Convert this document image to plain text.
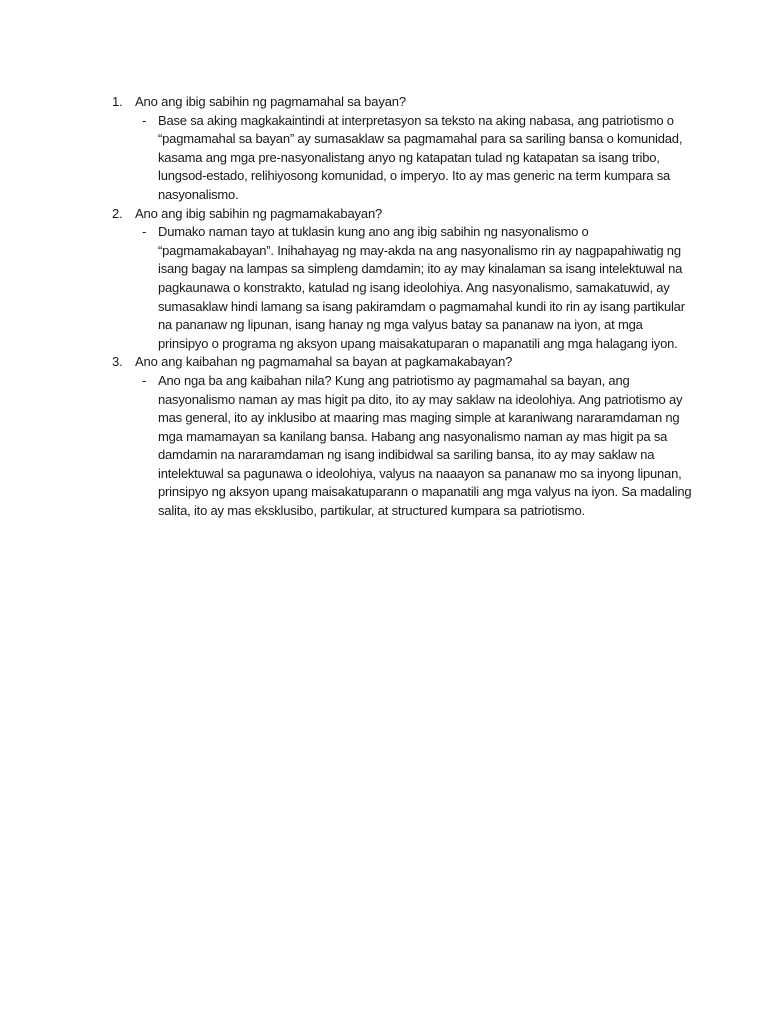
1. Ano ang ibig sabihin ng pagmamahal sa bayan?
- Base sa aking magkakaintindi at interpretasyon sa teksto na aking nabasa, ang patriotismo o “pagmamahal sa bayan” ay sumasaklaw sa pagmamahal para sa sariling bansa o komunidad, kasama ang mga pre-nasyonalistang anyo ng katapatan tulad ng katapatan sa isang tribo, lungsod-estado, relihiyosong komunidad, o imperyo. Ito ay mas generic na term kumpara sa nasyonalismo.
2. Ano ang ibig sabihin ng pagmamakabayan?
- Dumako naman tayo at tuklasin kung ano ang ibig sabihin ng nasyonalismo o “pagmamakabayan”. Inihahayag ng may-akda na ang nasyonalismo rin ay nagpapahiwatig ng isang bagay na lampas sa simpleng damdamin; ito ay may kinalaman sa isang intelektuwal na pagkaunawa o konstrakto, katulad ng isang ideolohiya. Ang nasyonalismo, samakatuwid, ay sumasaklaw hindi lamang sa isang pakiramdam o pagmamahal kundi ito rin ay isang partikular na pananaw ng lipunan, isang hanay ng mga valyus batay sa pananaw na iyon, at mga prinsipyo o programa ng aksyon upang maisakatuparan o mapanatili ang mga halagang iyon.
3. Ano ang kaibahan ng pagmamahal sa bayan at pagkamakabayan?
- Ano nga ba ang kaibahan nila? Kung ang patriotismo ay pagmamahal sa bayan, ang nasyonalismo naman ay mas higit pa dito, ito ay may saklaw na ideolohiya. Ang patriotismo ay mas general, ito ay inklusibo at maaring mas maging simple at karaniwang nararamdaman ng mga mamamayan sa kanilang bansa. Habang ang nasyonalismo naman ay mas higit pa sa damdamin na nararamdaman ng isang indibidwal sa sariling bansa, ito ay may saklaw na intelektuwal sa pagunawa o ideolohiya, valyus na naaayon sa pananaw mo sa inyong lipunan, prinsipyo ng aksyon upang maisakatuparann o mapanatili ang mga valyus na iyon. Sa madaling salita, ito ay mas eksklusibo, partikular, at structured kumpara sa patriotismo.
